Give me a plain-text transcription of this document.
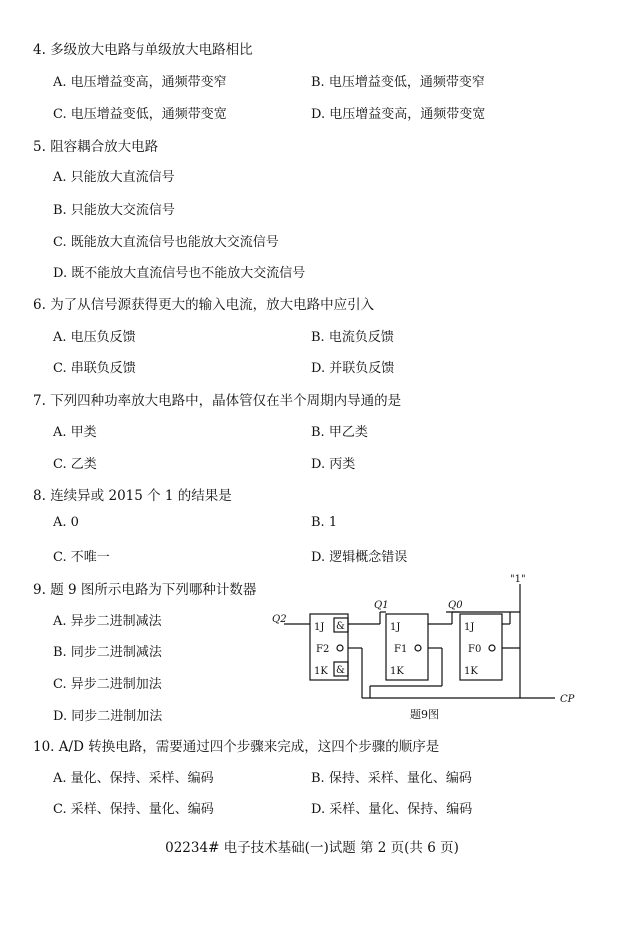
4. 多级放大电路与单级放大电路相比
A. 电压增益变高，通频带变窄	B. 电压增益变低，通频带变窄
C. 电压增益变低，通频带变宽	D. 电压增益变高，通频带变宽
5. 阻容耦合放大电路
A. 只能放大直流信号
B. 只能放大交流信号
C. 既能放大直流信号也能放大交流信号
D. 既不能放大直流信号也不能放大交流信号
6. 为了从信号源获得更大的输入电流，放大电路中应引入
A. 电压负反馈	B. 电流负反馈
C. 串联负反馈	D. 并联负反馈
7. 下列四种功率放大电路中，晶体管仅在半个周期内导通的是
A. 甲类	B. 甲乙类
C. 乙类	D. 丙类
8. 连续异或 2015 个 1 的结果是
A. 0	B. 1
C. 不唯一	D. 逻辑概念错误
9. 题 9 图所示电路为下列哪种计数器
A. 异步二进制减法
B. 同步二进制减法
C. 异步二进制加法
D. 同步二进制加法
"1"
CP
Q2
Q1	Q0
1J &
F2
1K &
1J
F1
1K
1J
F0
1K
题9图
10. A/D 转换电路，需要通过四个步骤来完成，这四个步骤的顺序是
A. 量化、保持、采样、编码	B. 保持、采样、量化、编码
C. 采样、保持、量化、编码	D. 采样、量化、保持、编码
02234# 电子技术基础(一)试题 第 2 页(共 6 页)
